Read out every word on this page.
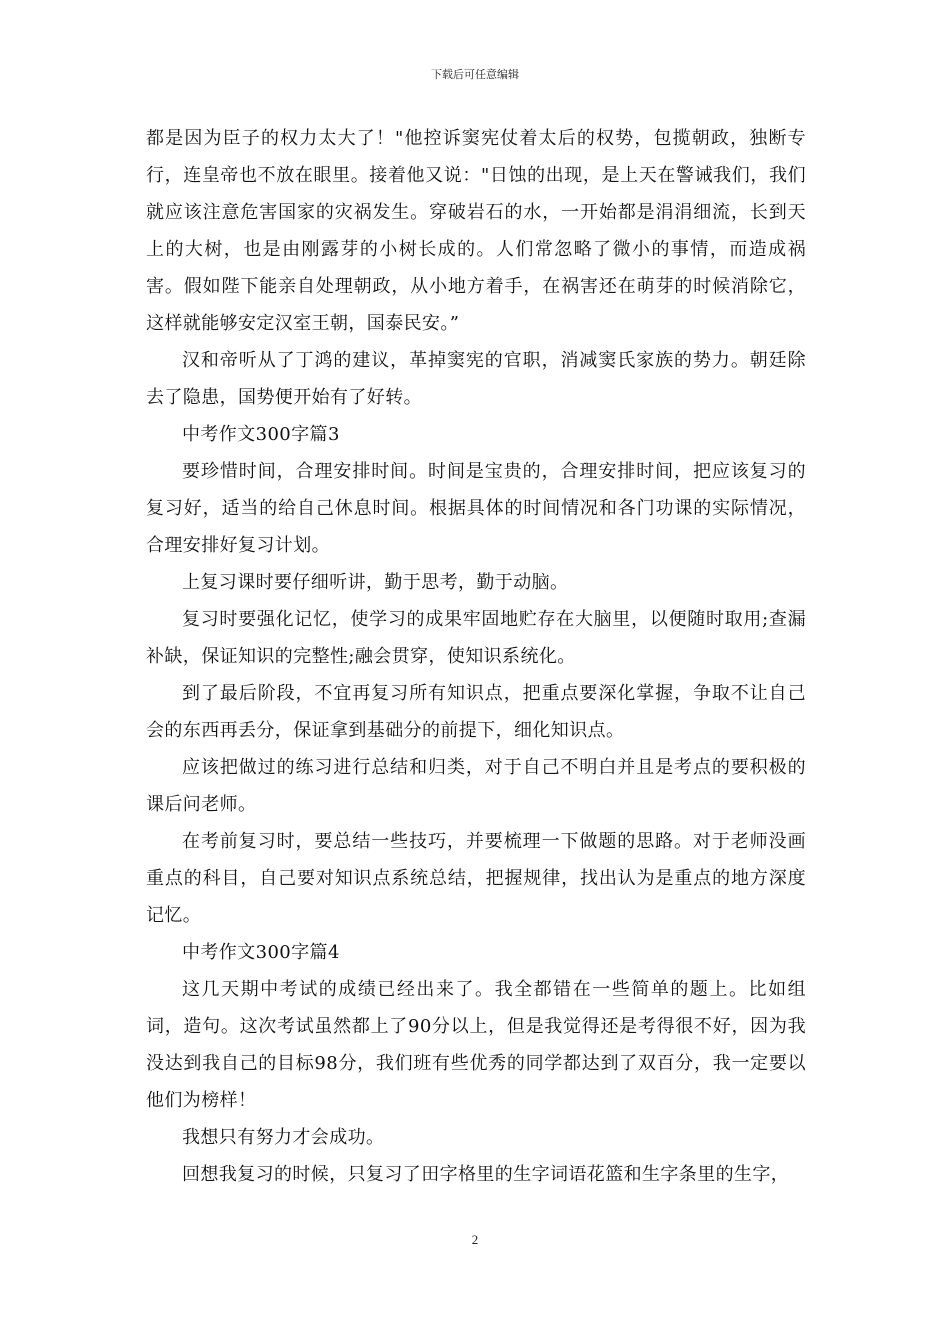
下载后可任意编辑

都是因为臣子的权力太大了！"他控诉窦宪仗着太后的权势，包揽朝政，独断专行，连皇帝也不放在眼里。接着他又说："日蚀的出现，是上天在警诫我们，我们就应该注意危害国家的灾祸发生。穿破岩石的水，一开始都是涓涓细流，长到天上的大树，也是由刚露芽的小树长成的。人们常忽略了微小的事情，而造成祸害。假如陛下能亲自处理朝政，从小地方着手，在祸害还在萌芽的时候消除它，这样就能够安定汉室王朝，国泰民安。”

汉和帝听从了丁鸿的建议，革掉窦宪的官职，消减窦氏家族的势力。朝廷除去了隐患，国势便开始有了好转。

中考作文300字篇3

要珍惜时间，合理安排时间。时间是宝贵的，合理安排时间，把应该复习的复习好，适当的给自己休息时间。根据具体的时间情况和各门功课的实际情况，合理安排好复习计划。

上复习课时要仔细听讲，勤于思考，勤于动脑。

复习时要强化记忆，使学习的成果牢固地贮存在大脑里，以便随时取用;查漏补缺，保证知识的完整性;融会贯穿，使知识系统化。

到了最后阶段，不宜再复习所有知识点，把重点要深化掌握，争取不让自己会的东西再丢分，保证拿到基础分的前提下，细化知识点。

应该把做过的练习进行总结和归类，对于自己不明白并且是考点的要积极的课后问老师。

在考前复习时，要总结一些技巧，并要梳理一下做题的思路。对于老师没画重点的科目，自己要对知识点系统总结，把握规律，找出认为是重点的地方深度记忆。

中考作文300字篇4

这几天期中考试的成绩已经出来了。我全都错在一些简单的题上。比如组词，造句。这次考试虽然都上了90分以上，但是我觉得还是考得很不好，因为我没达到我自己的目标98分，我们班有些优秀的同学都达到了双百分，我一定要以他们为榜样！

我想只有努力才会成功。

回想我复习的时候，只复习了田字格里的生字词语花篮和生字条里的生字，

2
